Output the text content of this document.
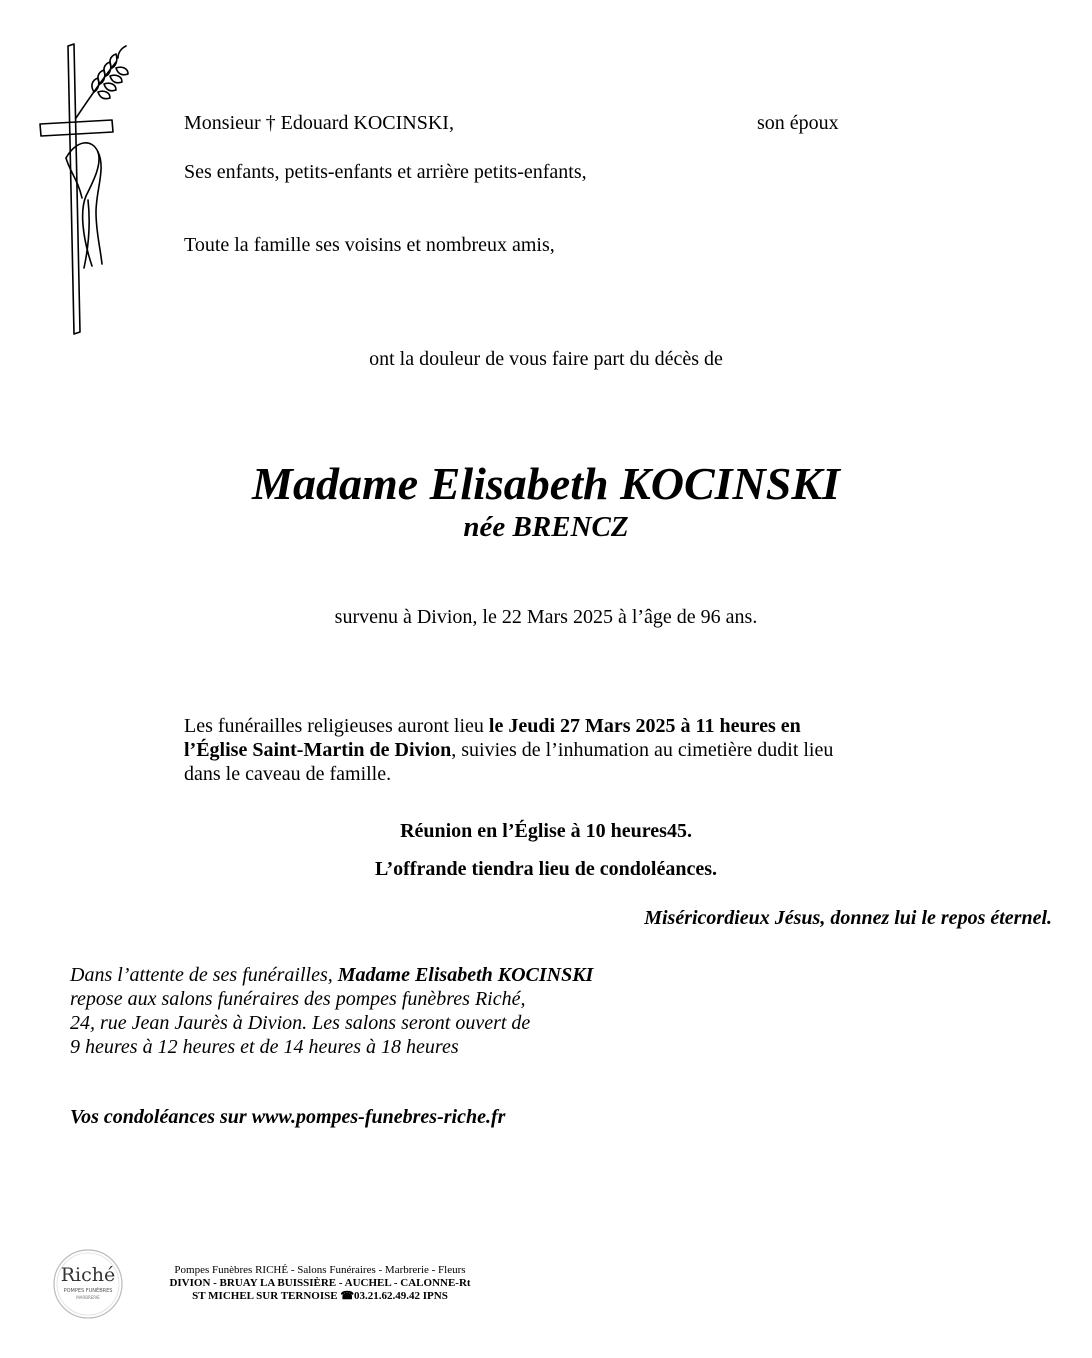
Monsieur † Edouard KOCINSKI,	son époux
Ses enfants, petits-enfants et arrière petits-enfants,
Toute la famille ses voisins et nombreux amis,
ont la douleur de vous faire part du décès de
Madame Elisabeth KOCINSKI
née BRENCZ
survenu à Divion, le 22 Mars 2025 à l’âge de 96 ans.
Les funérailles religieuses auront lieu le Jeudi 27 Mars 2025 à 11 heures en
l’Église Saint-Martin de Divion, suivies de l’inhumation au cimetière dudit lieu
dans le caveau de famille.
Réunion en l’Église à 10 heures45.
L’offrande tiendra lieu de condoléances.
Miséricordieux Jésus, donnez lui le repos éternel.
Dans l’attente de ses funérailles, Madame Elisabeth KOCINSKI
repose aux salons funéraires des pompes funèbres Riché,
24, rue Jean Jaurès à Divion. Les salons seront ouvert de
9 heures à 12 heures et de 14 heures à 18 heures
Vos condoléances sur www.pompes-funebres-riche.fr
Riché
POMPES FUNÈBRES
MARBRERIE
Pompes Funèbres RICHÉ - Salons Funéraires - Marbrerie - Fleurs
DIVION - BRUAY LA BUISSIÈRE - AUCHEL - CALONNE-Rt
ST MICHEL SUR TERNOISE ☎03.21.62.49.42 IPNS
